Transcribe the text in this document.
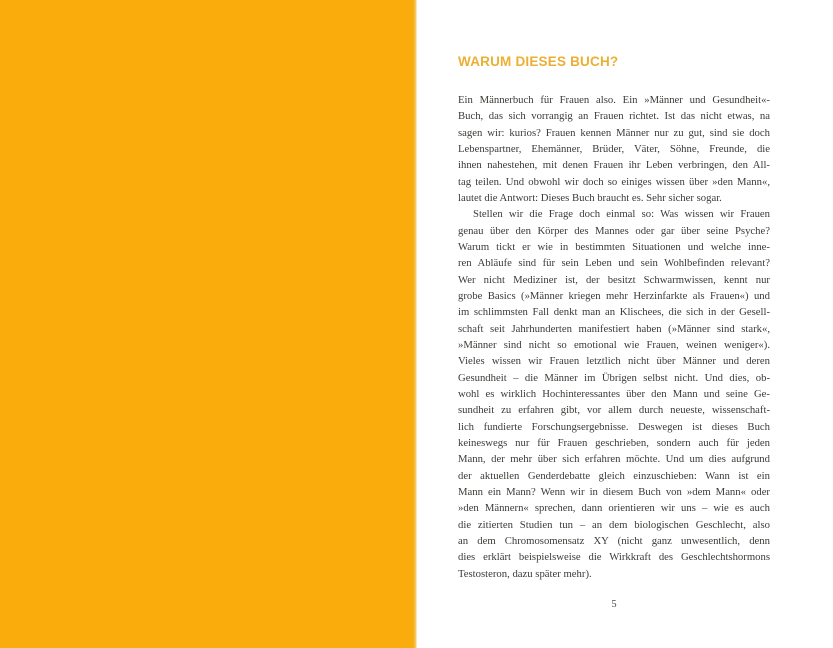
WARUM DIESES BUCH?
Ein Männerbuch für Frauen also. Ein »Männer und Gesundheit«-
Buch, das sich vorrangig an Frauen richtet. Ist das nicht etwas, na
sagen wir: kurios? Frauen kennen Männer nur zu gut, sind sie doch
Lebenspartner, Ehemänner, Brüder, Väter, Söhne, Freunde, die
ihnen nahestehen, mit denen Frauen ihr Leben verbringen, den All-
tag teilen. Und obwohl wir doch so einiges wissen über »den Mann«,
lautet die Antwort: Dieses Buch braucht es. Sehr sicher sogar.
Stellen wir die Frage doch einmal so: Was wissen wir Frauen
genau über den Körper des Mannes oder gar über seine Psyche?
Warum tickt er wie in bestimmten Situationen und welche inne-
ren Abläufe sind für sein Leben und sein Wohlbefinden relevant?
Wer nicht Mediziner ist, der besitzt Schwarmwissen, kennt nur
grobe Basics (»Männer kriegen mehr Herzinfarkte als Frauen«) und
im schlimmsten Fall denkt man an Klischees, die sich in der Gesell-
schaft seit Jahrhunderten manifestiert haben (»Männer sind stark«,
»Männer sind nicht so emotional wie Frauen, weinen weniger«).
Vieles wissen wir Frauen letztlich nicht über Männer und deren
Gesundheit – die Männer im Übrigen selbst nicht. Und dies, ob-
wohl es wirklich Hochinteressantes über den Mann und seine Ge-
sundheit zu erfahren gibt, vor allem durch neueste, wissenschaft-
lich fundierte Forschungsergebnisse. Deswegen ist dieses Buch
keineswegs nur für Frauen geschrieben, sondern auch für jeden
Mann, der mehr über sich erfahren möchte. Und um dies aufgrund
der aktuellen Genderdebatte gleich einzuschieben: Wann ist ein
Mann ein Mann? Wenn wir in diesem Buch von »dem Mann« oder
»den Männern« sprechen, dann orientieren wir uns – wie es auch
die zitierten Studien tun – an dem biologischen Geschlecht, also
an dem Chromosomensatz XY (nicht ganz unwesentlich, denn
dies erklärt beispielsweise die Wirkkraft des Geschlechtshormons
Testosteron, dazu später mehr).
5
